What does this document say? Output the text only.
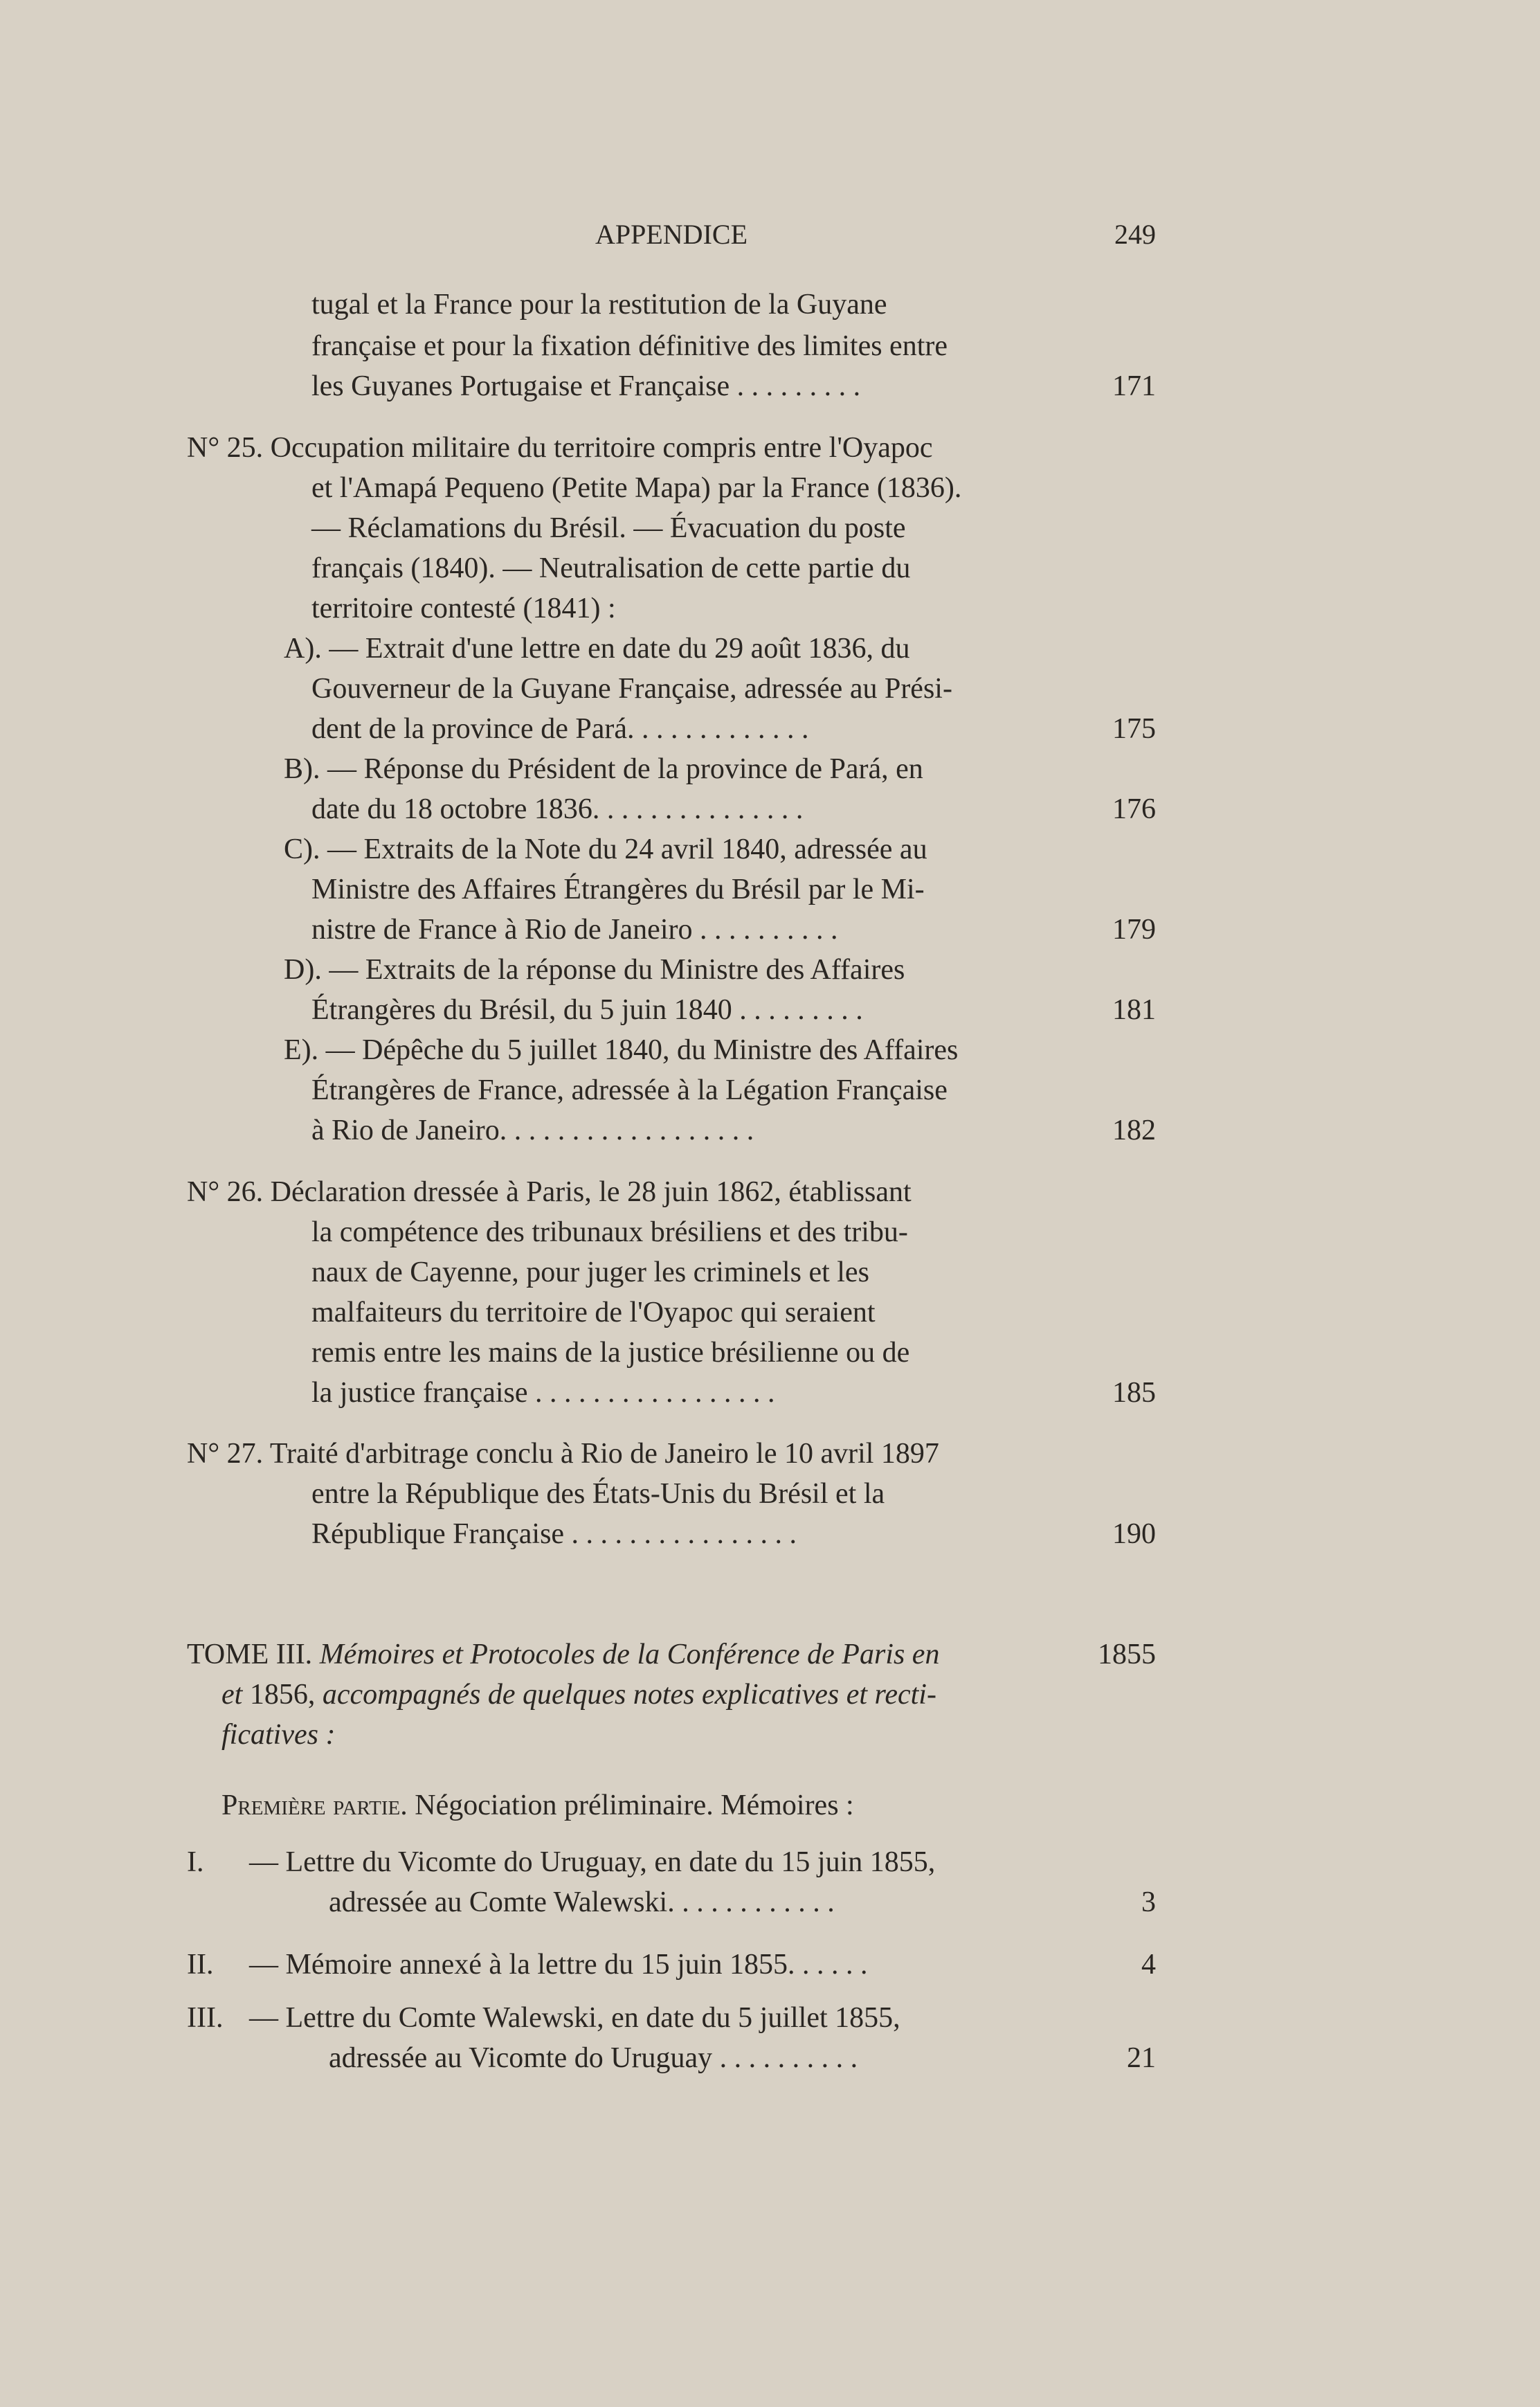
APPENDICE	249
tugal et la France pour la restitution de la Guyane
française et pour la fixation définitive des limites entre
les Guyanes Portugaise et Française . . . . . . . . .	171
N° 25. Occupation militaire du territoire compris entre l'Oyapoc
et l'Amapá Pequeno (Petite Mapa) par la France (1836).
— Réclamations du Brésil. — Évacuation du poste
français (1840). — Neutralisation de cette partie du
territoire contesté (1841) :
A). — Extrait d'une lettre en date du 29 août 1836, du
Gouverneur de la Guyane Française, adressée au Prési-
dent de la province de Pará. . . . . . . . . . . . .	175
B). — Réponse du Président de la province de Pará, en
date du 18 octobre 1836. . . . . . . . . . . . . . .	176
C). — Extraits de la Note du 24 avril 1840, adressée au
Ministre des Affaires Étrangères du Brésil par le Mi-
nistre de France à Rio de Janeiro . . . . . . . . . .	179
D). — Extraits de la réponse du Ministre des Affaires
Étrangères du Brésil, du 5 juin 1840 . . . . . . . . .	181
E). — Dépêche du 5 juillet 1840, du Ministre des Affaires
Étrangères de France, adressée à la Légation Française
à Rio de Janeiro. . . . . . . . . . . . . . . . . .	182
N° 26. Déclaration dressée à Paris, le 28 juin 1862, établissant
la compétence des tribunaux brésiliens et des tribu-
naux de Cayenne, pour juger les criminels et les
malfaiteurs du territoire de l'Oyapoc qui seraient
remis entre les mains de la justice brésilienne ou de
la justice française . . . . . . . . . . . . . . . . .	185
N° 27. Traité d'arbitrage conclu à Rio de Janeiro le 10 avril 1897
entre la République des États-Unis du Brésil et la
République Française . . . . . . . . . . . . . . . .	190
TOME III. Mémoires et Protocoles de la Conférence de Paris en	1855
et 1856, accompagnés de quelques notes explicatives et recti-
ficatives :
Première partie. Négociation préliminaire. Mémoires :
I. — Lettre du Vicomte do Uruguay, en date du 15 juin 1855,
adressée au Comte Walewski. . . . . . . . . . . .	3
II. — Mémoire annexé à la lettre du 15 juin 1855. . . . . .	4
III. — Lettre du Comte Walewski, en date du 5 juillet 1855,
adressée au Vicomte do Uruguay . . . . . . . . . .	21
